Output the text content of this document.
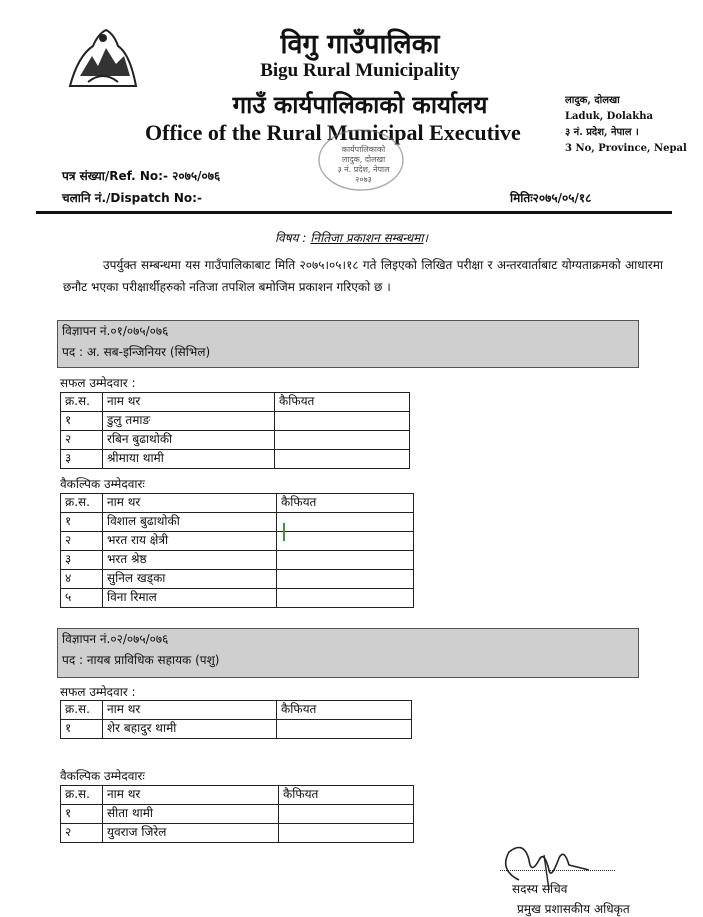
विगु गाउँपालिका
Bigu Rural Municipality
गाउँ कार्यपालिकाको कार्यालय
Office of the Rural Municipal Executive
लादुक, दोलखा
Laduk, Dolakha
३ नं. प्रदेश, नेपाल ।
3 No, Province, Nepal
कार्यपालिकाको
लादुक, दोलखा
३ नं. प्रदेश, नेपाल
२०७३
पत्र संख्या/Ref. No:- २०७५/०७६
चलानि नं./Dispatch No:-	मितिः२०७५/०५/१८
विषय : नितिजा प्रकाशन सम्बन्धमा।
उपर्युक्त सम्बन्धमा यस गाउँपालिकाबाट मिति २०७५।०५।१८ गते लिइएको लिखित परीक्षा र अन्तरवार्ताबाट योग्यताक्रमको आधारमा छनौट भएका परीक्षार्थीहरुको नतिजा तपशिल बमोजिम प्रकाशन गरिएको छ ।
विज्ञापन नं.०१/०७५/०७६
पद : अ. सब-इन्जिनियर (सिभिल)
सफल उम्मेदवार :
क्र.स.	नाम थर	कैफियत
१	डुलु तमाङ	
२	रबिन बुढाथोकी	
३	श्रीमाया थामी	
वैकल्पिक उम्मेदवारः
क्र.स.	नाम थर	कैफियत
१	विशाल बुढाथोकी	
२	भरत राय क्षेत्री	
३	भरत श्रेष्ठ	
४	सुनिल खड्का	
५	विना रिमाल	
विज्ञापन नं.०२/०७५/०७६
पद : नायब प्राविधिक सहायक (पशु)
सफल उम्मेदवार :
क्र.स.	नाम थर	कैफियत
१	शेर बहादुर थामी	
वैकल्पिक उम्मेदवारः
क्र.स.	नाम थर	कैफियत
१	सीता थामी	
२	युवराज जिरेल	
सदस्य सचिव
प्रमुख प्रशासकीय अधिकृत
